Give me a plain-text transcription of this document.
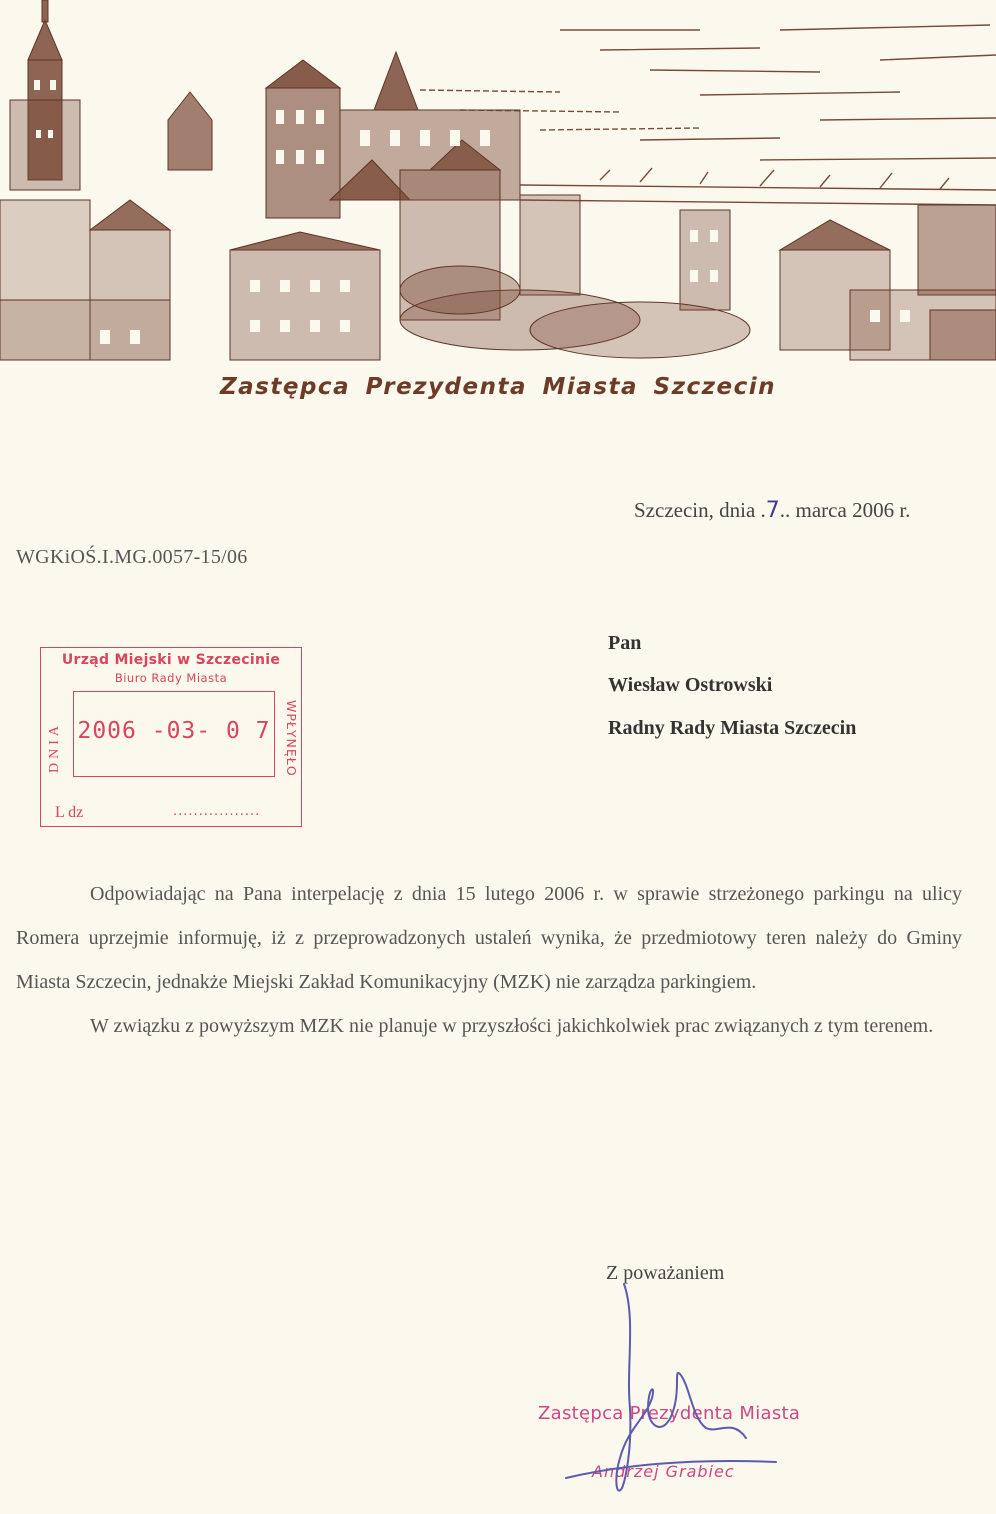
Zastępca Prezydenta Miasta Szczecin
Szczecin, dnia .7.. marca 2006 r.
WGKiOŚ.I.MG.0057-15/06
Urząd Miejski w Szczecinie
Biuro Rady Miasta
DNIA 2006 -03- 0 7	WPŁYNĘŁO
L dz	.................
Pan
Wiesław Ostrowski
Radny Rady Miasta Szczecin

Odpowiadając na Pana interpelację z dnia 15 lutego 2006 r. w sprawie strzeżonego parkingu na ulicy Romera uprzejmie informuję, iż z przeprowadzonych ustaleń wynika, że przedmiotowy teren należy do Gminy Miasta Szczecin, jednakże Miejski Zakład Komunikacyjny (MZK) nie zarządza parkingiem.

W związku z powyższym MZK nie planuje w przyszłości jakichkolwiek prac związanych z tym terenem.

Z poważaniem
Zastępca Prezydenta Miasta
Andrzej Grabiec
